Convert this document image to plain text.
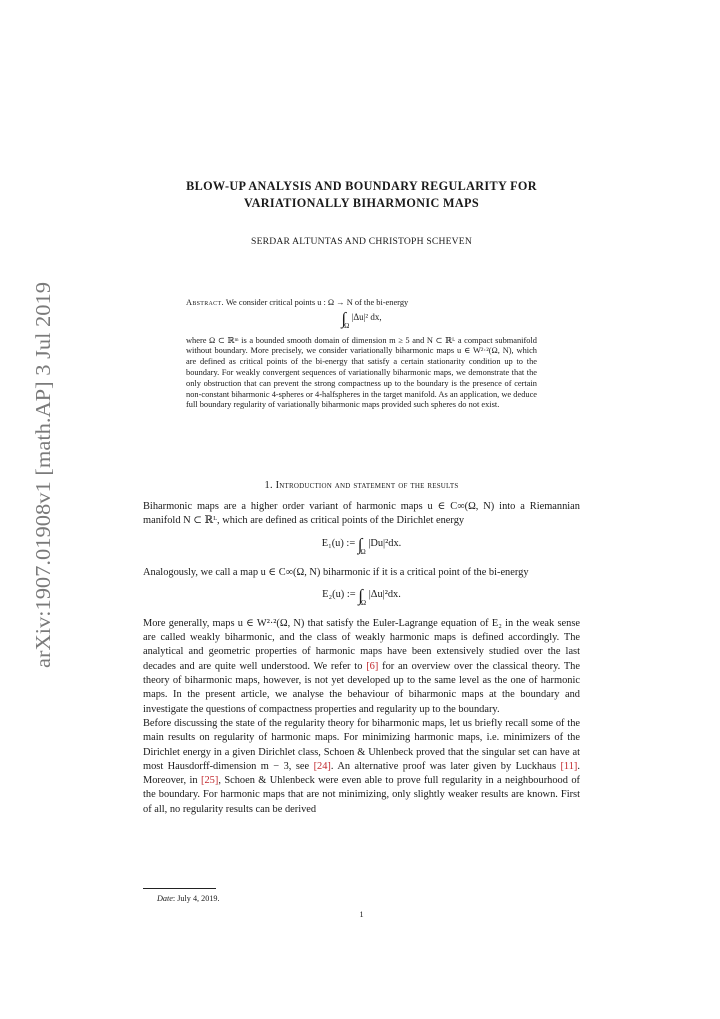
arXiv:1907.01908v1 [math.AP] 3 Jul 2019
BLOW-UP ANALYSIS AND BOUNDARY REGULARITY FOR
VARIATIONALLY BIHARMONIC MAPS
SERDAR ALTUNTAS AND CHRISTOPH SCHEVEN
Abstract. We consider critical points u : Ω → N of the bi-energy
$\int_\Omega$ |Δu|² dx,
where Ω ⊂ ℝᵐ is a bounded smooth domain of dimension m ≥ 5 and N ⊂ ℝᴸ a compact submanifold without boundary. More precisely, we consider variationally biharmonic maps u ∈ W²·²(Ω, N), which are defined as critical points of the bi-energy that satisfy a certain stationarity condition up to the boundary. For weakly convergent sequences of variationally biharmonic maps, we demonstrate that the only obstruction that can prevent the strong compactness up to the boundary is the presence of certain non-constant biharmonic 4-spheres or 4-halfspheres in the target manifold. As an application, we deduce full boundary regularity of variationally biharmonic maps provided such spheres do not exist.
1. Introduction and statement of the results

Biharmonic maps are a higher order variant of harmonic maps u ∈ C∞(Ω, N) into a Riemannian manifold N ⊂ ℝᴸ, which are defined as critical points of the Dirichlet energy

E₁(u) := $\int_\Omega$ |Du|²dx.

Analogously, we call a map u ∈ C∞(Ω, N) biharmonic if it is a critical point of the bi-energy

E₂(u) := $\int_\Omega$ |Δu|²dx.

More generally, maps u ∈ W²·²(Ω, N) that satisfy the Euler-Lagrange equation of E₂ in the weak sense are called weakly biharmonic, and the class of weakly harmonic maps is defined accordingly. The analytical and geometric properties of harmonic maps have been extensively studied over the last decades and are quite well understood. We refer to [6] for an overview over the classical theory. The theory of biharmonic maps, however, is not yet developed up to the same level as the one of harmonic maps. In the present article, we analyse the behaviour of biharmonic maps at the boundary and investigate the questions of compactness properties and regularity up to the boundary.

Before discussing the state of the regularity theory for biharmonic maps, let us briefly recall some of the main results on regularity of harmonic maps. For minimizing harmonic maps, i.e. minimizers of the Dirichlet energy in a given Dirichlet class, Schoen & Uhlenbeck proved that the singular set can have at most Hausdorff-dimension m − 3, see [24]. An alternative proof was later given by Luckhaus [11]. Moreover, in [25], Schoen & Uhlenbeck were even able to prove full regularity in a neighbourhood of the boundary. For harmonic maps that are not minimizing, only slightly weaker results are known. First of all, no regularity results can be derived

Date: July 4, 2019.
1
